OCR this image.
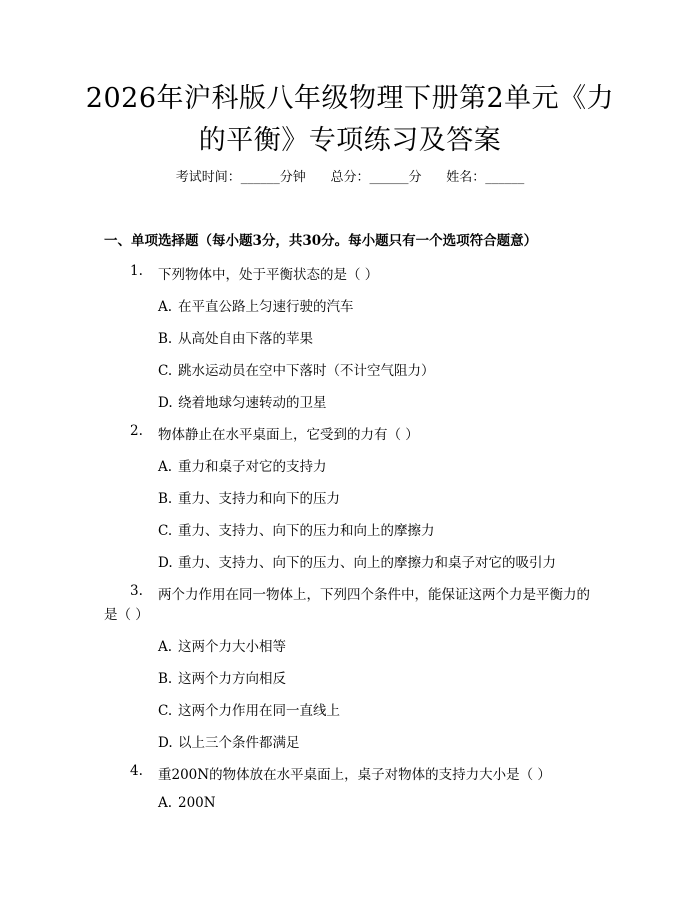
2026年沪科版八年级物理下册第2单元《力
的平衡》专项练习及答案
考试时间：______分钟      总分：______分      姓名：______
一、单项选择题（每小题3分，共30分。每小题只有一个选项符合题意）
1. 下列物体中，处于平衡状态的是（ ）
A. 在平直公路上匀速行驶的汽车
B. 从高处自由下落的苹果
C. 跳水运动员在空中下落时（不计空气阻力）
D. 绕着地球匀速转动的卫星
2. 物体静止在水平桌面上，它受到的力有（ ）
A. 重力和桌子对它的支持力
B. 重力、支持力和向下的压力
C. 重力、支持力、向下的压力和向上的摩擦力
D. 重力、支持力、向下的压力、向上的摩擦力和桌子对它的吸引力
3. 两个力作用在同一物体上，下列四个条件中，能保证这两个力是平衡力的
是（ ）
A. 这两个力大小相等
B. 这两个力方向相反
C. 这两个力作用在同一直线上
D. 以上三个条件都满足
4. 重200N的物体放在水平桌面上，桌子对物体的支持力大小是（ ）
A. 200N
